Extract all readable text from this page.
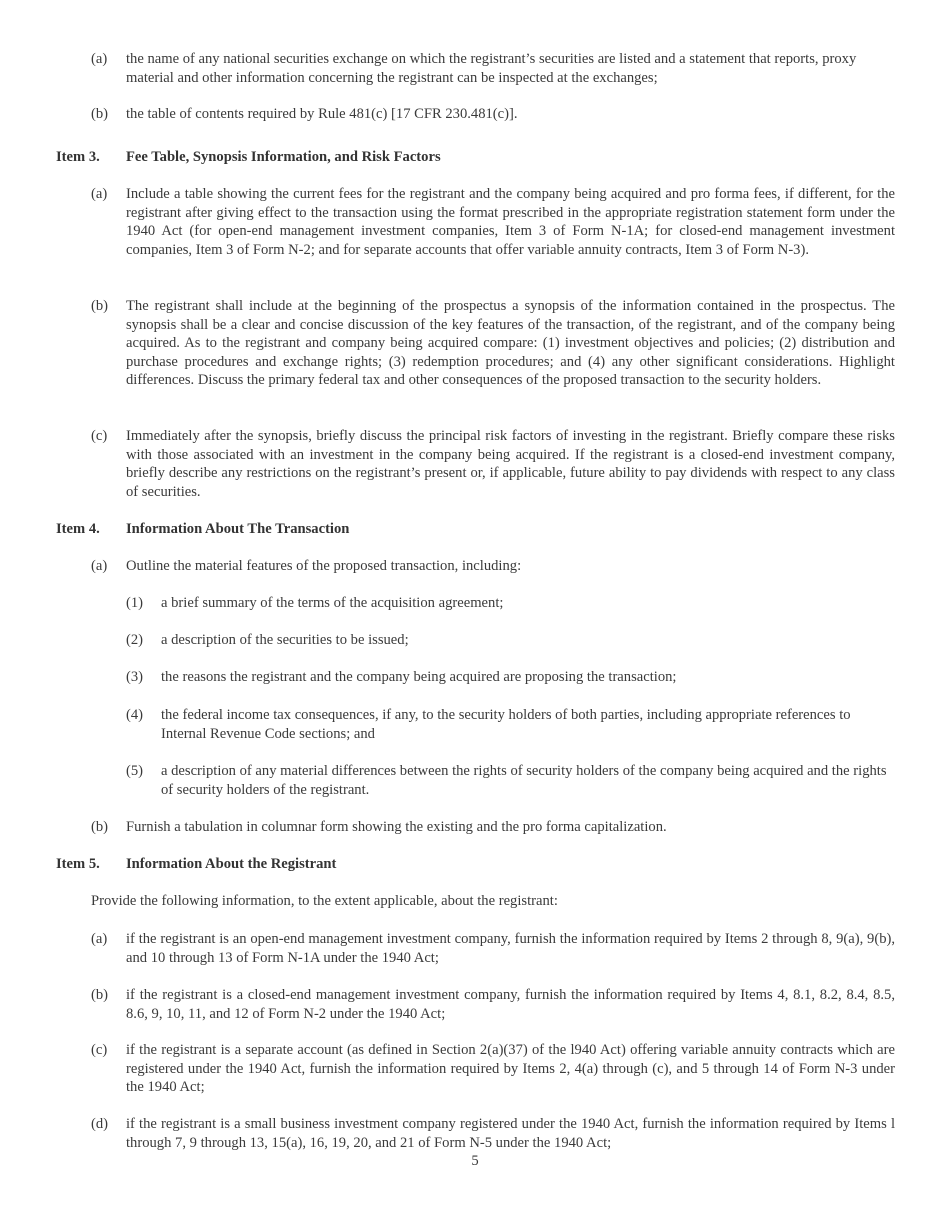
(a)	the name of any national securities exchange on which the registrant’s securities are listed and a statement that reports, proxy material and other information concerning the registrant can be inspected at the exchanges;
(b)	the table of contents required by Rule 481(c) [17 CFR 230.481(c)].
Item 3. Fee Table, Synopsis Information, and Risk Factors
(a)	Include a table showing the current fees for the registrant and the company being acquired and pro forma fees, if different, for the registrant after giving effect to the transaction using the format prescribed in the appropriate registration statement form under the 1940 Act (for open-end management investment companies, Item 3 of Form N-1A; for closed-end management investment companies, Item 3 of Form N-2; and for separate accounts that offer variable annuity contracts, Item 3 of Form N-3).
(b)	The registrant shall include at the beginning of the prospectus a synopsis of the information contained in the prospectus. The synopsis shall be a clear and concise discussion of the key features of the transaction, of the registrant, and of the company being acquired. As to the registrant and company being acquired compare: (1) investment objectives and policies; (2) distribution and purchase procedures and exchange rights; (3) redemption procedures; and (4) any other significant considerations. Highlight differences. Discuss the primary federal tax and other consequences of the proposed transaction to the security holders.
(c)	Immediately after the synopsis, briefly discuss the principal risk factors of investing in the registrant. Briefly compare these risks with those associated with an investment in the company being acquired. If the registrant is a closed-end investment company, briefly describe any restrictions on the registrant’s present or, if applicable, future ability to pay dividends with respect to any class of securities.
Item 4. Information About The Transaction
(a)	Outline the material features of the proposed transaction, including:
(1)	a brief summary of the terms of the acquisition agreement;
(2)	a description of the securities to be issued;
(3)	the reasons the registrant and the company being acquired are proposing the transaction;
(4)	the federal income tax consequences, if any, to the security holders of both parties, including appropriate references to Internal Revenue Code sections; and
(5)	a description of any material differences between the rights of security holders of the company being acquired and the rights of security holders of the registrant.
(b)	Furnish a tabulation in columnar form showing the existing and the pro forma capitalization.
Item 5. Information About the Registrant
Provide the following information, to the extent applicable, about the registrant:
(a)	if the registrant is an open-end management investment company, furnish the information required by Items 2 through 8, 9(a), 9(b), and 10 through 13 of Form N-1A under the 1940 Act;
(b)	if the registrant is a closed-end management investment company, furnish the information required by Items 4, 8.1, 8.2, 8.4, 8.5, 8.6, 9, 10, 11, and 12 of Form N-2 under the 1940 Act;
(c)	if the registrant is a separate account (as defined in Section 2(a)(37) of the l940 Act) offering variable annuity contracts which are registered under the 1940 Act, furnish the information required by Items 2, 4(a) through (c), and 5 through 14 of Form N-3 under the 1940 Act;
(d)	if the registrant is a small business investment company registered under the 1940 Act, furnish the information required by Items l through 7, 9 through 13, 15(a), 16, 19, 20, and 21 of Form N-5 under the 1940 Act;
5
